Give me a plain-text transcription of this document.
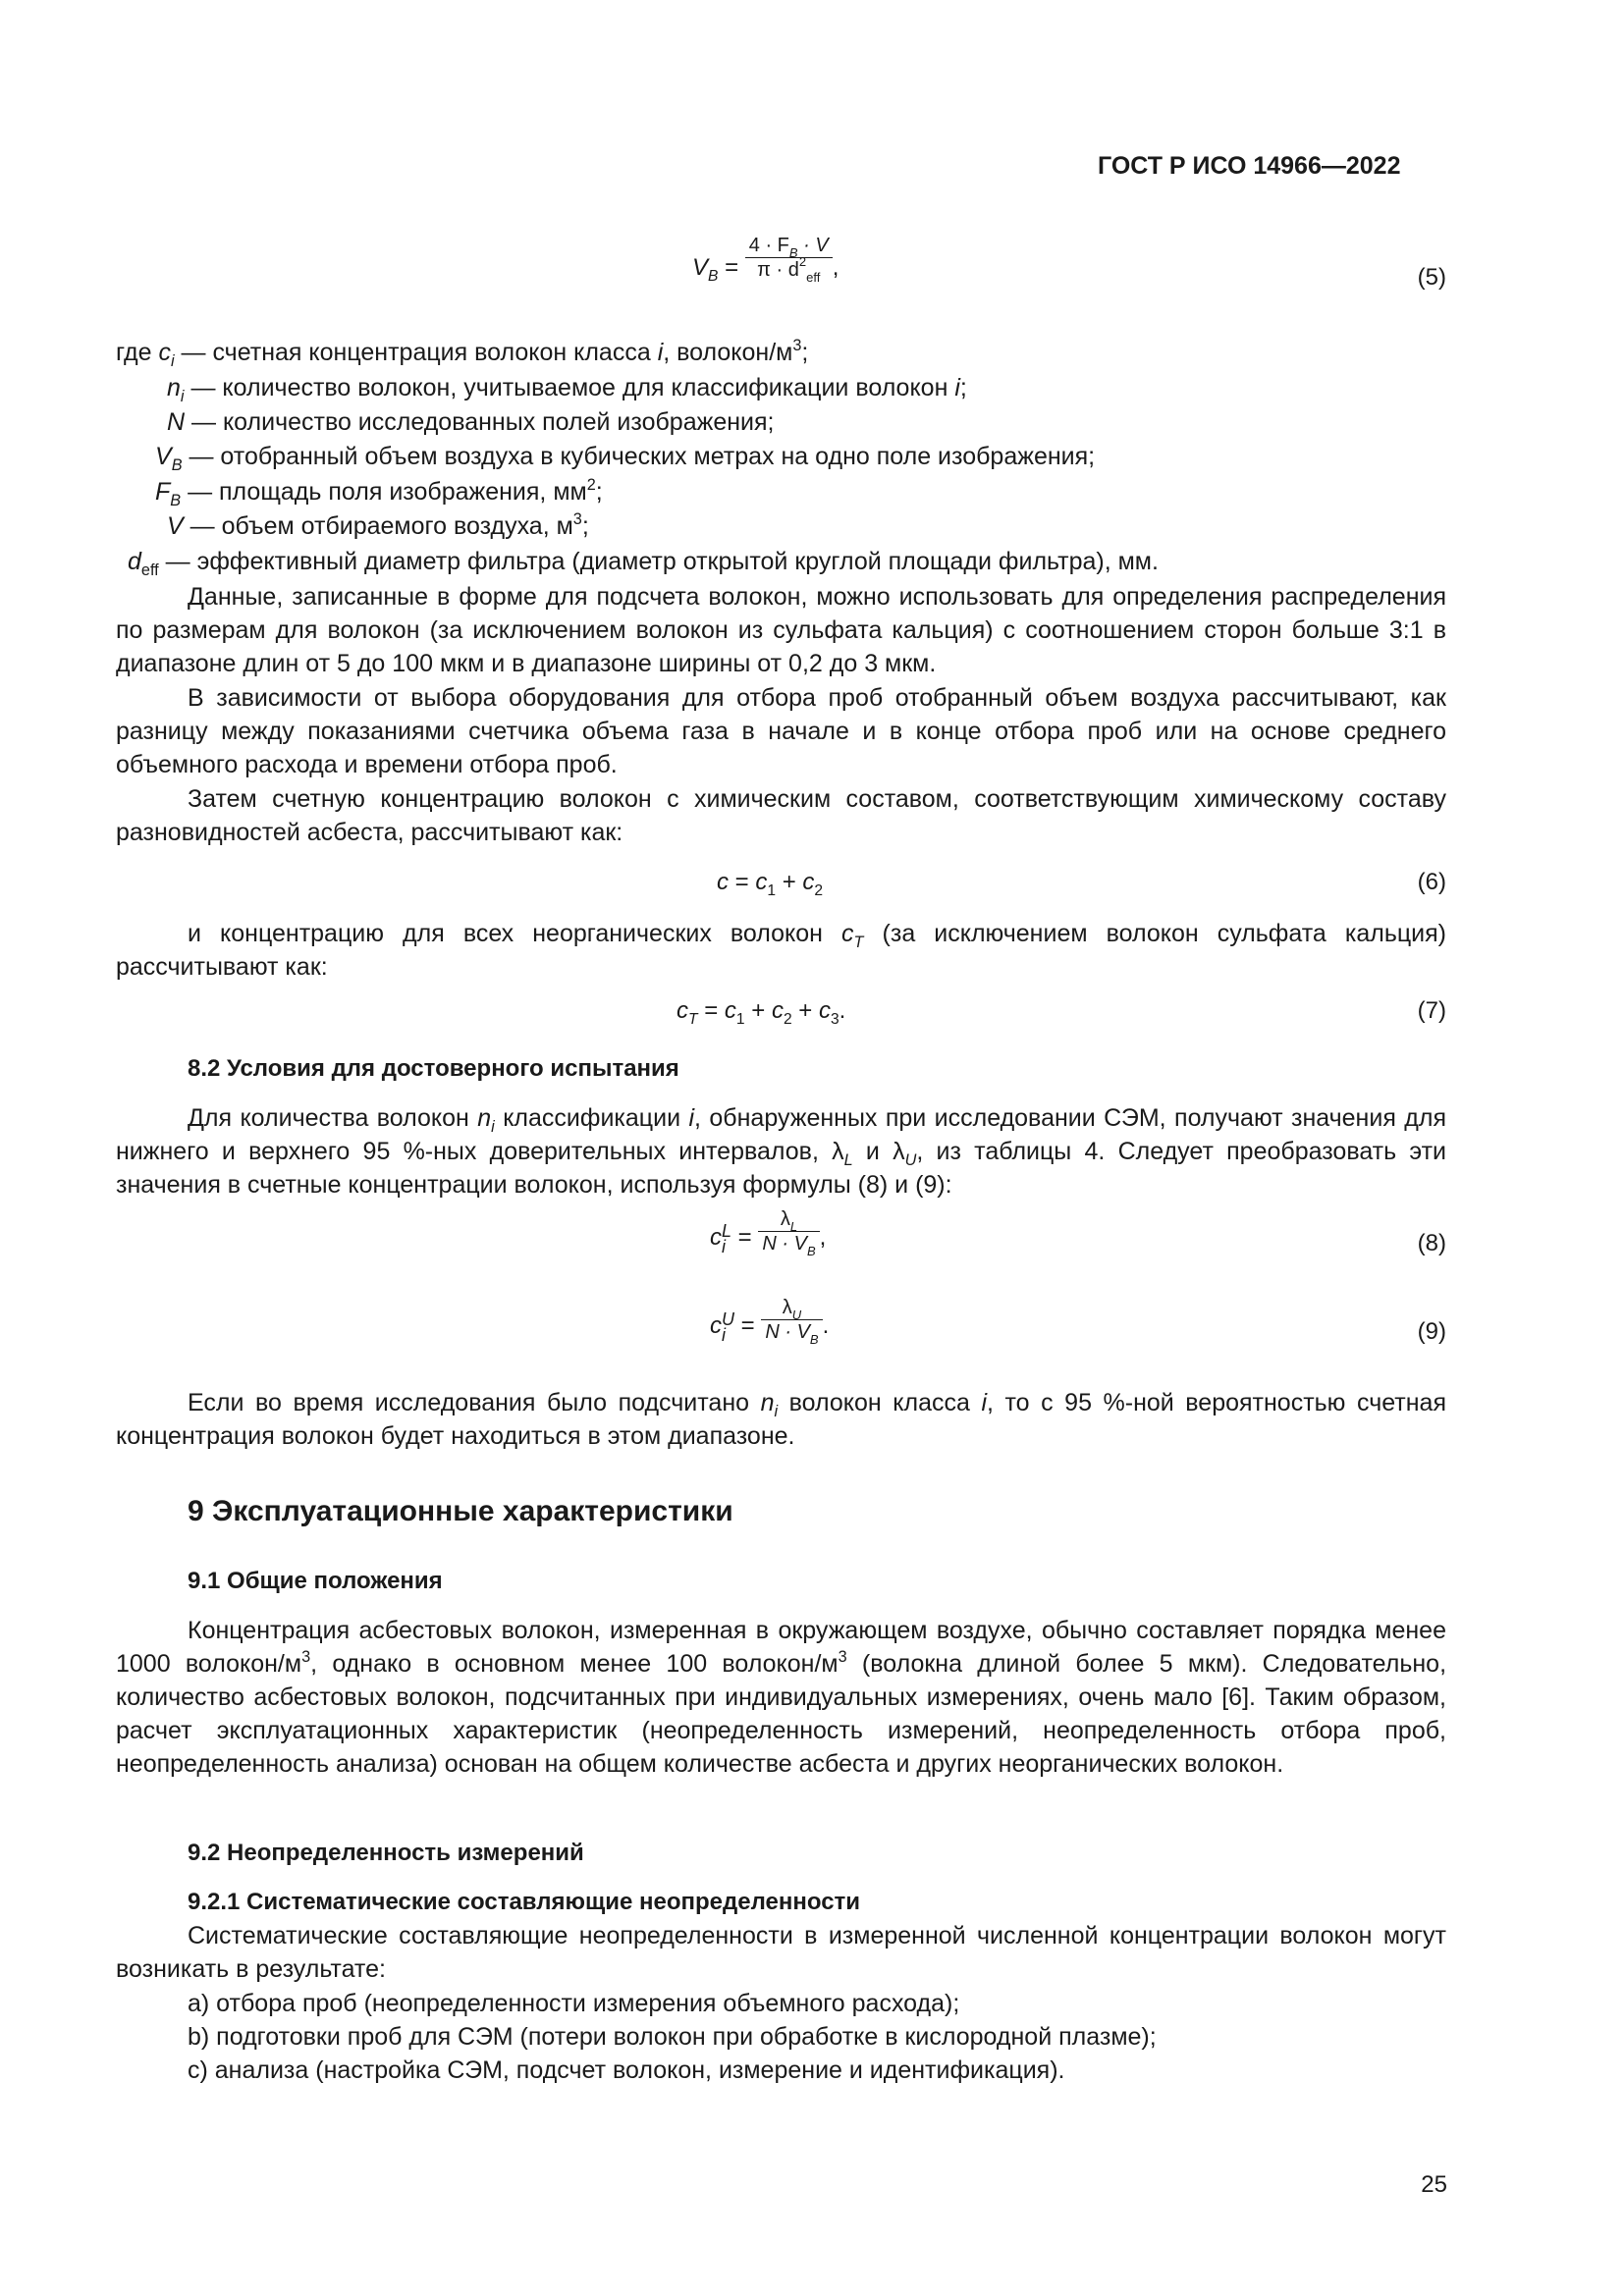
ГОСТ Р ИСО 14966—2022
$V_B = \frac{4 \cdot F_B \cdot V}{\pi \cdot d^2_{eff}}$ ,	(5)
где $c_i$ — счетная концентрация волокон класса i, волокон/$м^3$;
$n_i$ — количество волокон, учитываемое для классификации волокон i;
N — количество исследованных полей изображения;
$V_B$ — отобранный объем воздуха в кубических метрах на одно поле изображения;
$F_B$ — площадь поля изображения, $мм^2$;
V — объем отбираемого воздуха, $м^3$;
$d_{eff}$ — эффективный диаметр фильтра (диаметр открытой круглой площади фильтра), мм.
Данные, записанные в форме для подсчета волокон, можно использовать для определения распределения по размерам для волокон (за исключением волокон из сульфата кальция) с соотношением сторон больше 3:1 в диапазоне длин от 5 до 100 мкм и в диапазоне ширины от 0,2 до 3 мкм.
В зависимости от выбора оборудования для отбора проб отобранный объем воздуха рассчитывают, как разницу между показаниями счетчика объема газа в начале и в конце отбора проб или на основе среднего объемного расхода и времени отбора проб.
Затем счетную концентрацию волокон с химическим составом, соответствующим химическому составу разновидностей асбеста, рассчитывают как:
$c = c_1 + c_2$	(6)
и концентрацию для всех неорганических волокон $c_T$ (за исключением волокон сульфата кальция) рассчитывают как:
$c_T = c_1 + c_2 + c_3$.	(7)
8.2 Условия для достоверного испытания
Для количества волокон $n_i$ классификации i, обнаруженных при исследовании СЭМ, получают значения для нижнего и верхнего 95 %-ных доверительных интервалов, $\lambda_L$ и $\lambda_U$, из таблицы 4. Следует преобразовать эти значения в счетные концентрации волокон, используя формулы (8) и (9):
c L
$i = \frac{\lambda_L}{N \cdot V_B}$ ,	(8)
c U
$i = \frac{\lambda_U}{N \cdot V_B}$ .	(9)
Если во время исследования было подсчитано $n_i$ волокон класса i, то с 95 %-ной вероятностью счетная концентрация волокон будет находиться в этом диапазоне.
9 Эксплуатационные характеристики
9.1 Общие положения
Концентрация асбестовых волокон, измеренная в окружающем воздухе, обычно составляет порядка менее 1000 волокон/$м^3$, однако в основном менее 100 волокон/$м^3$ (волокна длиной более 5 мкм). Следовательно, количество асбестовых волокон, подсчитанных при индивидуальных измерениях, очень мало [6]. Таким образом, расчет эксплуатационных характеристик (неопределенность измерений, неопределенность отбора проб, неопределенность анализа) основан на общем количестве асбеста и других неорганических волокон.
9.2 Неопределенность измерений
9.2.1 Систематические составляющие неопределенности
Систематические составляющие неопределенности в измеренной численной концентрации волокон могут возникать в результате:
a) отбора проб (неопределенности измерения объемного расхода);
b) подготовки проб для СЭМ (потери волокон при обработке в кислородной плазме);
c) анализа (настройка СЭМ, подсчет волокон, измерение и идентификация).
25
